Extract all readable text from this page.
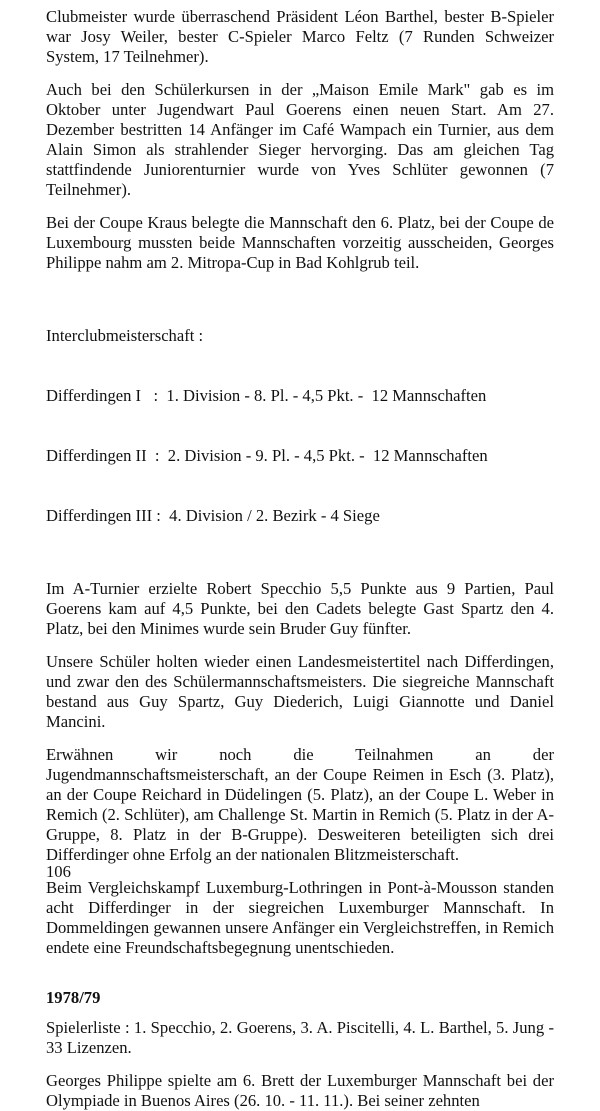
Clubmeister wurde überraschend Präsident Léon Barthel, bester B-Spieler war Josy Weiler, bester C-Spieler Marco Feltz (7 Runden Schweizer System, 17 Teilnehmer).

Auch bei den Schülerkursen in der „Maison Emile Mark" gab es im Oktober unter Jugendwart Paul Goerens einen neuen Start. Am 27. Dezember bestritten 14 Anfänger im Café Wampach ein Turnier, aus dem Alain Simon als strahlender Sieger hervorging. Das am gleichen Tag stattfindende Juniorenturnier wurde von Yves Schlüter gewonnen (7 Teilnehmer).

Bei der Coupe Kraus belegte die Mannschaft den 6. Platz, bei der Coupe de Luxembourg mussten beide Mannschaften vorzeitig ausscheiden, Georges Philippe nahm am 2. Mitropa-Cup in Bad Kohlgrub teil.

Interclubmeisterschaft :

Differdingen I   :  1. Division - 8. Pl. - 4,5 Pkt. -  12 Mannschaften

Differdingen II  :  2. Division - 9. Pl. - 4,5 Pkt. -  12 Mannschaften

Differdingen III :  4. Division / 2. Bezirk - 4 Siege

Im A-Turnier erzielte Robert Specchio 5,5 Punkte aus 9 Partien, Paul Goerens kam auf 4,5 Punkte, bei den Cadets belegte Gast Spartz den 4. Platz, bei den Minimes wurde sein Bruder Guy fünfter.

Unsere Schüler holten wieder einen Landesmeistertitel nach Differdingen, und zwar den des Schülermannschaftsmeisters. Die siegreiche Mannschaft bestand aus Guy Spartz, Guy Diederich, Luigi Giannotte und Daniel Mancini.

Erwähnen wir noch die Teilnahmen an der Jugendmannschaftsmeisterschaft, an der Coupe Reimen in Esch (3. Platz), an der Coupe Reichard in Düdelingen (5. Platz), an der Coupe L. Weber in Remich (2. Schlüter), am Challenge St. Martin in Remich (5. Platz in der A-Gruppe, 8. Platz in der B-Gruppe). Desweiteren beteiligten sich drei Differdinger ohne Erfolg an der nationalen Blitzmeisterschaft.

Beim Vergleichskampf Luxemburg-Lothringen in Pont-à-Mousson standen acht Differdinger in der siegreichen Luxemburger Mannschaft. In Dommeldingen gewannen unsere Anfänger ein Vergleichstreffen, in Remich endete eine Freundschaftsbegegnung unentschieden.

1978/79

Spielerliste : 1. Specchio, 2. Goerens, 3. A. Piscitelli, 4. L. Barthel, 5. Jung - 33 Lizenzen.

Georges Philippe spielte am 6. Brett der Luxemburger Mannschaft bei der Olympiade in Buenos Aires (26. 10. - 11. 11.). Bei seiner zehnten

106
